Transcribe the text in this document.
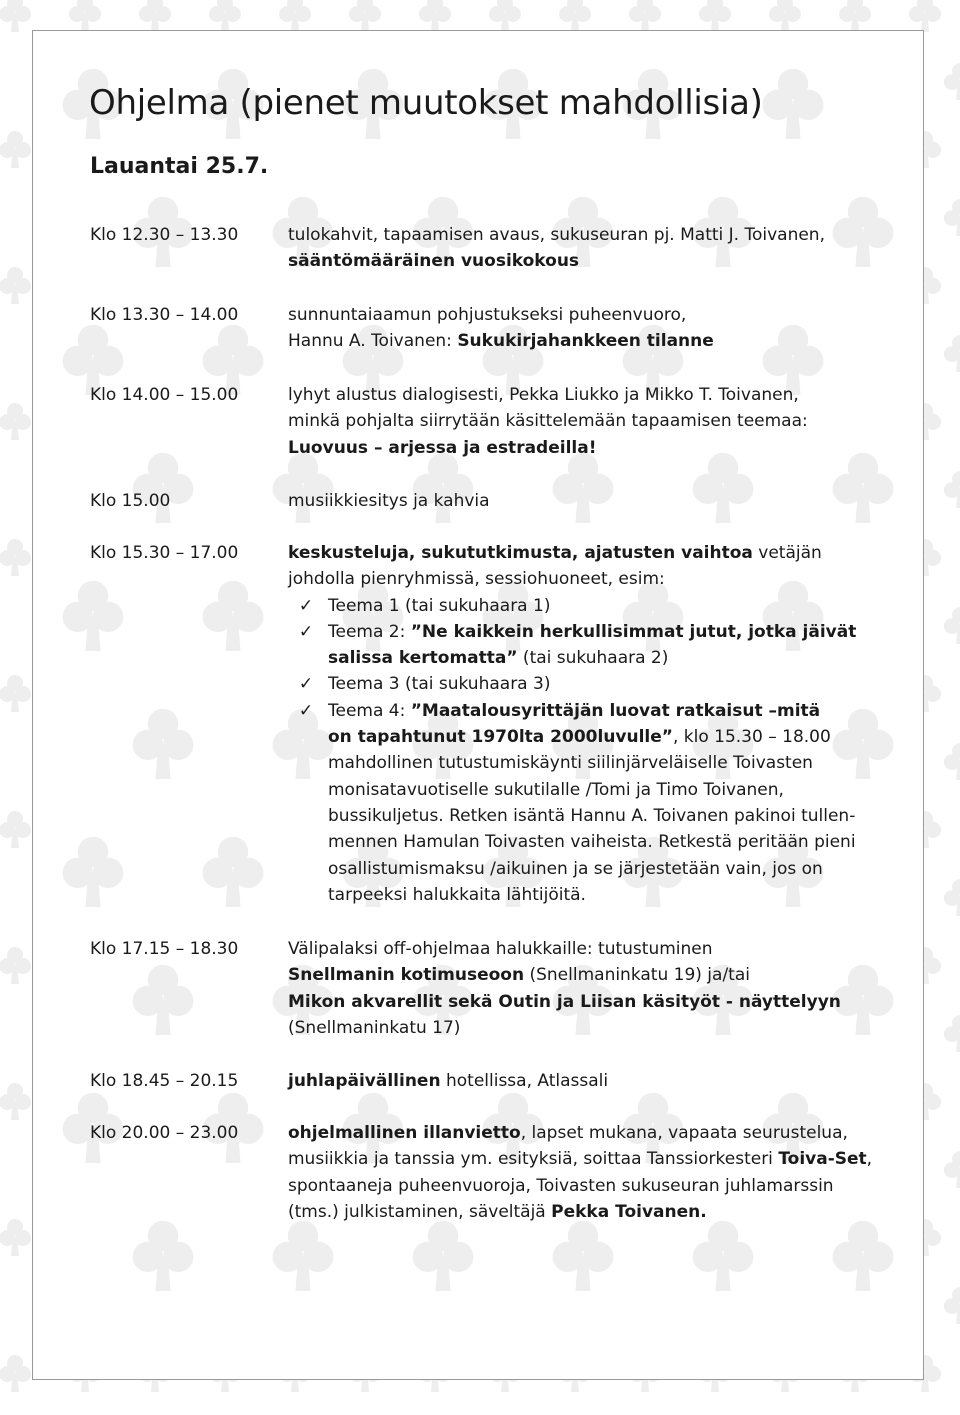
Ohjelma (pienet muutokset mahdollisia)
Lauantai 25.7.
Klo 12.30 – 13.30	tulokahvit, tapaamisen avaus, sukuseuran pj. Matti J. Toivanen,
sääntömääräinen vuosikokous
Klo 13.30 – 14.00	sunnuntaiaamun pohjustukseksi puheenvuoro,
Hannu A. Toivanen: Sukukirjahankkeen tilanne
Klo 14.00 – 15.00	lyhyt alustus dialogisesti, Pekka Liukko ja Mikko T. Toivanen,
minkä pohjalta siirrytään käsittelemään tapaamisen teemaa:
Luovuus – arjessa ja estradeilla!
Klo 15.00	musiikkiesitys ja kahvia
Klo 15.30 – 17.00	keskusteluja, sukututkimusta, ajatusten vaihtoa vetäjän
johdolla pienryhmissä, sessiohuoneet, esim:
✓ Teema 1 (tai sukuhaara 1)
✓ Teema 2: ”Ne kaikkein herkullisimmat jutut, jotka jäivät
salissa kertomatta” (tai sukuhaara 2)
✓ Teema 3 (tai sukuhaara 3)
✓ Teema 4: ”Maatalousyrittäjän luovat ratkaisut –mitä
on tapahtunut 1970lta 2000luvulle”, klo 15.30 – 18.00
mahdollinen tutustumiskäynti siilinjärveläiselle Toivasten
monisatavuotiselle sukutilalle /Tomi ja Timo Toivanen,
bussikuljetus. Retken isäntä Hannu A. Toivanen pakinoi tullen-
mennen Hamulan Toivasten vaiheista. Retkestä peritään pieni
osallistumismaksu /aikuinen ja se järjestetään vain, jos on
tarpeeksi halukkaita lähtijöitä.
Klo 17.15 – 18.30	Välipalaksi off-ohjelmaa halukkaille: tutustuminen
Snellmanin kotimuseoon (Snellmaninkatu 19) ja/tai
Mikon akvarellit sekä Outin ja Liisan käsityöt - näyttelyyn
(Snellmaninkatu 17)
Klo 18.45 – 20.15	juhlapäivällinen hotellissa, Atlassali
Klo 20.00 – 23.00	ohjelmallinen illanvietto, lapset mukana, vapaata seurustelua,
musiikkia ja tanssia ym. esityksiä, soittaa Tanssiorkesteri Toiva-Set,
spontaaneja puheenvuoroja, Toivasten sukuseuran juhlamarssin
(tms.) julkistaminen, säveltäjä Pekka Toivanen.
